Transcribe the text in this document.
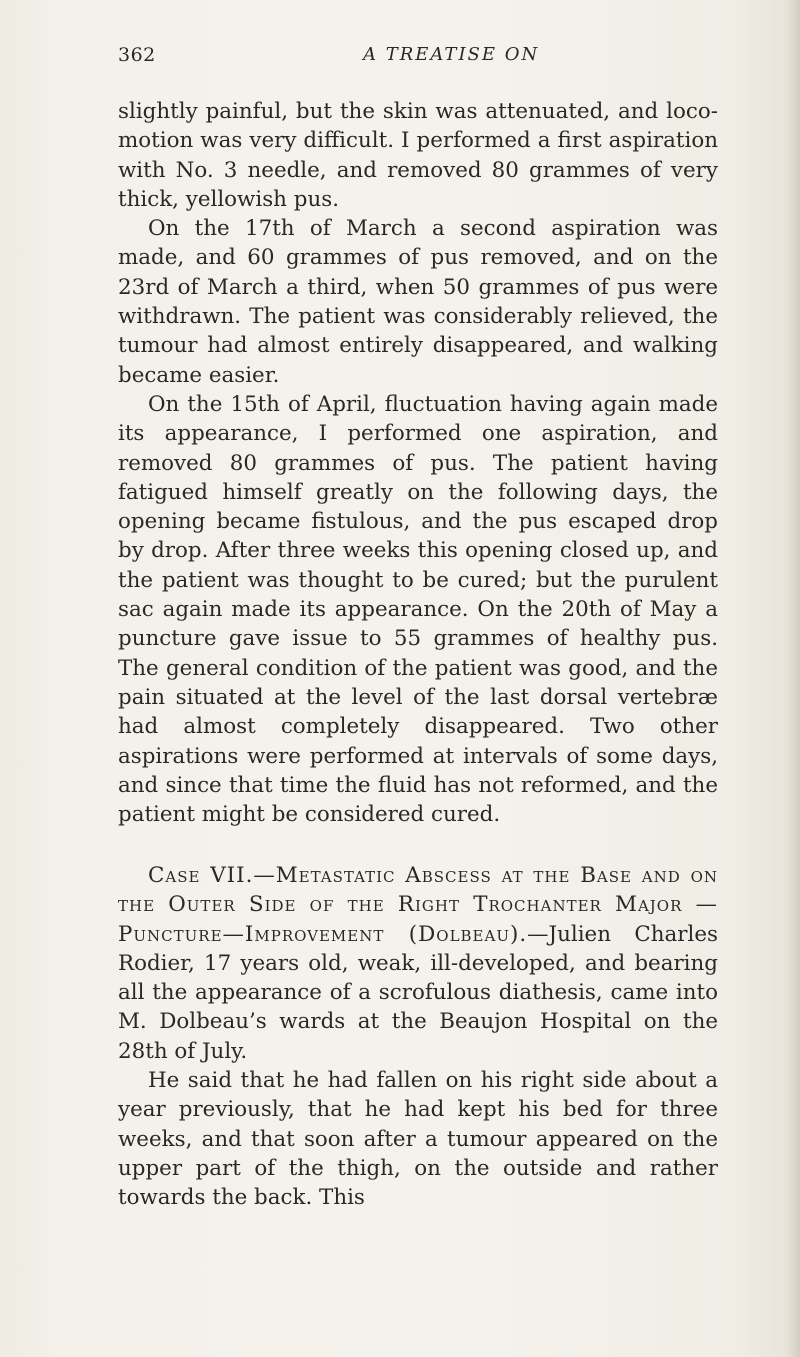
362	A TREATISE ON

slightly painful, but the skin was attenuated, and locomotion was very difficult. I performed a first aspiration with No. 3 needle, and removed 80 grammes of very thick, yellowish pus.

On the 17th of March a second aspiration was made, and 60 grammes of pus removed, and on the 23rd of March a third, when 50 grammes of pus were withdrawn. The patient was considerably relieved, the tumour had almost entirely disappeared, and walking became easier.

On the 15th of April, fluctuation having again made its appearance, I performed one aspiration, and removed 80 grammes of pus. The patient having fatigued himself greatly on the following days, the opening became fistulous, and the pus escaped drop by drop. After three weeks this opening closed up, and the patient was thought to be cured; but the purulent sac again made its appearance. On the 20th of May a puncture gave issue to 55 grammes of healthy pus. The general condition of the patient was good, and the pain situated at the level of the last dorsal vertebræ had almost completely disappeared. Two other aspirations were performed at intervals of some days, and since that time the fluid has not reformed, and the patient might be considered cured.

Case VII.—Metastatic Abscess at the Base and on the Outer Side of the Right Trochanter Major —Puncture—Improvement (Dolbeau).—Julien Charles Rodier, 17 years old, weak, ill-developed, and bearing all the appearance of a scrofulous diathesis, came into M. Dolbeau’s wards at the Beaujon Hospital on the 28th of July.

He said that he had fallen on his right side about a year previously, that he had kept his bed for three weeks, and that soon after a tumour appeared on the upper part of the thigh, on the outside and rather towards the back. This
